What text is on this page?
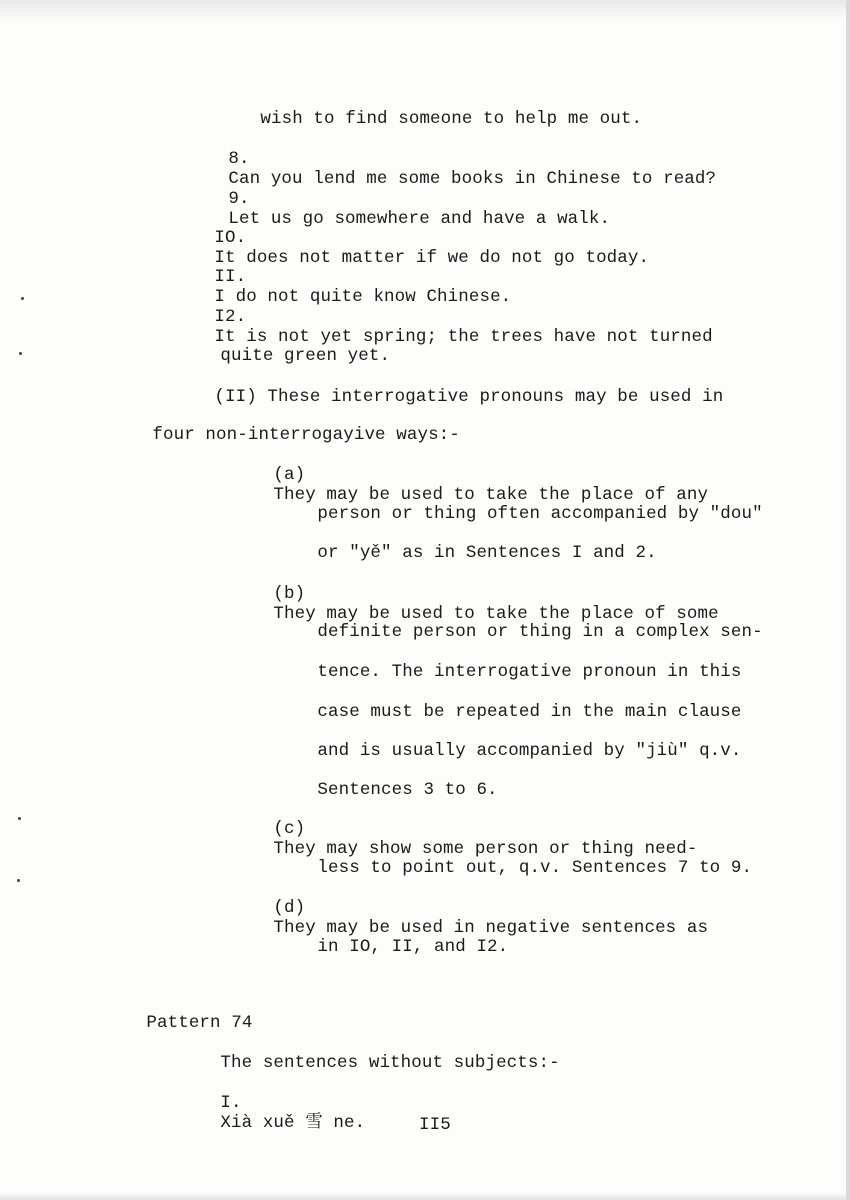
wish to find someone to help me out.

8.
Can you lend me some books in Chinese to read?

9.
Let us go somewhere and have a walk.

IO.
It does not matter if we do not go today.

II.
I do not quite know Chinese.

I2.
It is not yet spring; the trees have not turned

quite green yet.

(II) These interrogative pronouns may be used in

four non-interrogayive ways:-

(a)
They may be used to take the place of any

person or thing often accompanied by "dou"

or "yě" as in Sentences I and 2.

(b)
They may be used to take the place of some

definite person or thing in a complex sen-

tence. The interrogative pronoun in this

case must be repeated in the main clause

and is usually accompanied by "jiù" q.v.

Sentences 3 to 6.

(c)
They may show some person or thing need-

less to point out, q.v. Sentences 7 to 9.

(d)
They may be used in negative sentences as

in IO, II, and I2.

Pattern 74

The sentences without subjects:-

I.
Xià xuě 雪 ne.
	II5
